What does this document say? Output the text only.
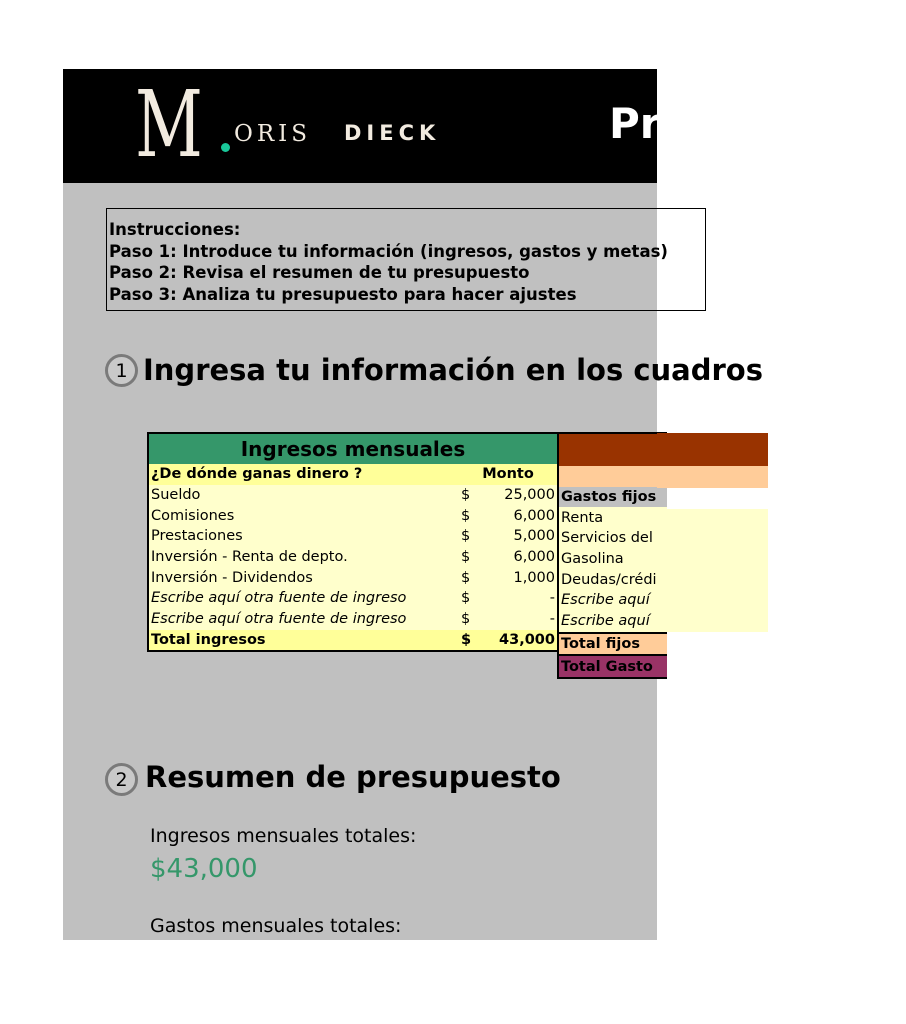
M ORIS DIECK	Presupuesto
Instrucciones:
Paso 1: Introduce tu información (ingresos, gastos y metas)
Paso 2: Revisa el resumen de tu presupuesto
Paso 3: Analiza tu presupuesto para hacer ajustes
1 Ingresa tu información en los cuadros
Ingresos mensuales		
¿De dónde ganas dinero ?	Monto	
Sueldo	$	25,000
Comisiones	$	6,000
Prestaciones	$	5,000
Inversión - Renta de depto.	$	6,000
Inversión - Dividendos	$	1,000
Escribe aquí otra fuente de ingreso	$	-
Escribe aquí otra fuente de ingreso	$	-
Total ingresos	$	43,000

Gastos fijos
Renta
Servicios del
Gasolina
Deudas/crédi
Escribe aquí
Escribe aquí
Total fijos
Total Gasto
2 Resumen de presupuesto
Ingresos mensuales totales:
$43,000
Gastos mensuales totales:
